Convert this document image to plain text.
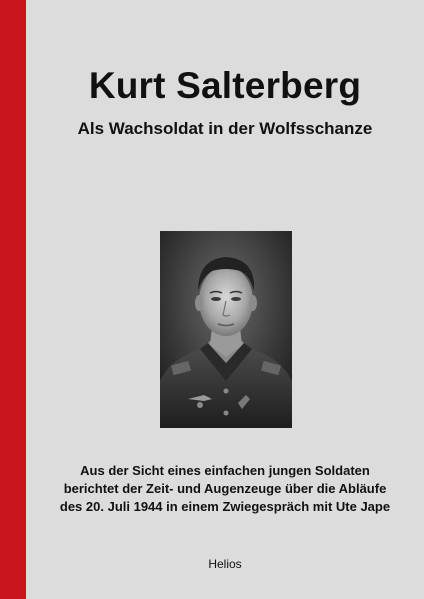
Kurt Salterberg
Als Wachsoldat in der Wolfsschanze
Aus der Sicht eines einfachen jungen Soldaten
berichtet der Zeit- und Augenzeuge über die Abläufe
des 20. Juli 1944 in einem Zwiegespräch mit Ute Jape
Helios
